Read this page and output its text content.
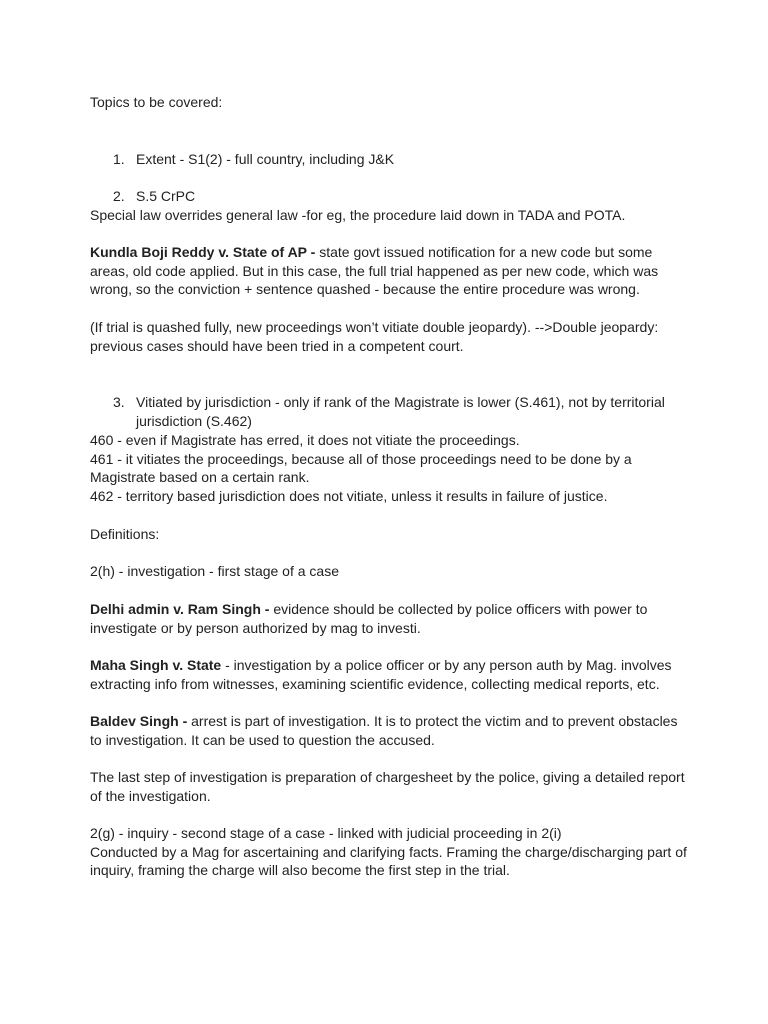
Topics to be covered:

1. Extent - S1(2) - full country, including J&K
2. S.5 CrPC

Special law overrides general law -for eg, the procedure laid down in TADA and POTA.

Kundla Boji Reddy v. State of AP - state govt issued notification for a new code but some areas, old code applied. But in this case, the full trial happened as per new code, which was wrong, so the conviction + sentence quashed - because the entire procedure was wrong.

(If trial is quashed fully, new proceedings won’t vitiate double jeopardy). -->Double jeopardy: previous cases should have been tried in a competent court.

3. Vitiated by jurisdiction - only if rank of the Magistrate is lower (S.461), not by territorial jurisdiction (S.462)

460 - even if Magistrate has erred, it does not vitiate the proceedings.

461 - it vitiates the proceedings, because all of those proceedings need to be done by a Magistrate based on a certain rank.

462 - territory based jurisdiction does not vitiate, unless it results in failure of justice.

Definitions:

2(h) - investigation - first stage of a case

Delhi admin v. Ram Singh - evidence should be collected by police officers with power to investigate or by person authorized by mag to investi.

Maha Singh v. State - investigation by a police officer or by any person auth by Mag. involves extracting info from witnesses, examining scientific evidence, collecting medical reports, etc.

Baldev Singh - arrest is part of investigation. It is to protect the victim and to prevent obstacles to investigation. It can be used to question the accused.

The last step of investigation is preparation of chargesheet by the police, giving a detailed report of the investigation.

2(g) - inquiry - second stage of a case - linked with judicial proceeding in 2(i)

Conducted by a Mag for ascertaining and clarifying facts. Framing the charge/discharging part of inquiry, framing the charge will also become the first step in the trial.
